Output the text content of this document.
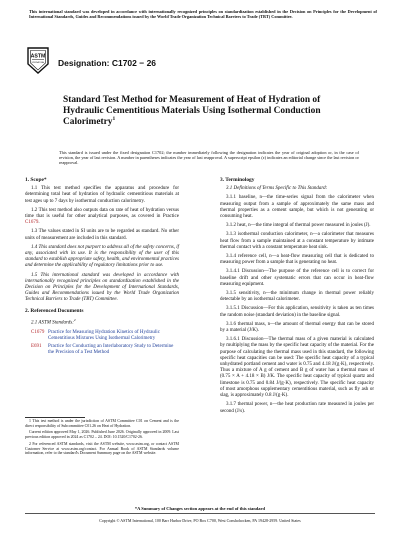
This international standard was developed in accordance with internationally recognized principles on standardization established in the Decision on Principles for the Development of International Standards, Guides and Recommendations issued by the World Trade Organization Technical Barriers to Trade (TBT) Committee.
ASTM
INTERNATIONAL Designation: C1702 − 26
Standard Test Method for Measurement of Heat of Hydration of Hydraulic Cementitious Materials Using Isothermal Conduction Calorimetry$^1$
This standard is issued under the fixed designation C1702; the number immediately following the designation indicates the year of original adoption or, in the case of revision, the year of last revision. A number in parentheses indicates the year of last reapproval. A superscript epsilon (ε) indicates an editorial change since the last revision or reapproval.
1. Scope*

1.1 This test method specifies the apparatus and procedure for determining total heat of hydration of hydraulic cementitious materials at test ages up to 7 days by isothermal conduction calorimetry.

1.2 This test method also outputs data on rate of heat of hydration versus time that is useful for other analytical purposes, as covered in Practice C1679.

1.3 The values stated in SI units are to be regarded as standard. No other units of measurement are included in this standard.

1.4 This standard does not purport to address all of the safety concerns, if any, associated with its use. It is the responsibility of the user of this standard to establish appropriate safety, health, and environmental practices and determine the applicability of regulatory limitations prior to use.

1.5 This international standard was developed in accordance with internationally recognized principles on standardization established in the Decision on Principles for the Development of International Standards, Guides and Recommendations issued by the World Trade Organization Technical Barriers to Trade (TBT) Committee.

2. Referenced Documents

2.1 ASTM Standards:$^2$

C1679 Practice for Measuring Hydration Kinetics of Hydraulic Cementitious Mixtures Using Isothermal Calorimetry
E691	Practice for Conducting an Interlaboratory Study to Determine the Precision of a Test Method

1 This test method is under the jurisdiction of ASTM Committee C01 on Cement and is the direct responsibility of Subcommittee C01.26 on Heat of Hydration.

Current edition approved May 1, 2026. Published June 2026. Originally approved in 2009. Last previous edition approved in 2024 as C1702 – 24. DOI: 10.1520/C1702-26.

2 For referenced ASTM standards, visit the ASTM website, www.astm.org, or contact ASTM Customer Service at www.astm.org/contact. For Annual Book of ASTM Standards volume information, refer to the standard's Document Summary page on the ASTM website.

3. Terminology

3.1 Definitions of Terms Specific to This Standard:

3.1.1 baseline, n—the time-series signal from the calorimeter when measuring output from a sample of approximately the same mass and thermal properties as a cement sample, but which is not generating or consuming heat.

3.1.2 heat, n—the time integral of thermal power measured in joules (J).

3.1.3 isothermal conduction calorimeter, n—a calorimeter that measures heat flow from a sample maintained at a constant temperature by intimate thermal contact with a constant temperature heat sink.

3.1.4 reference cell, n—a heat-flow measuring cell that is dedicated to measuring power from a sample that is generating no heat.

3.1.4.1 Discussion—The purpose of the reference cell is to correct for baseline drift and other systematic errors that can occur in heat-flow measuring equipment.

3.1.5 sensitivity, n—the minimum change in thermal power reliably detectable by an isothermal calorimeter.

3.1.5.1 Discussion—For this application, sensitivity is taken as ten times the random noise (standard deviation) in the baseline signal.

3.1.6 thermal mass, n—the amount of thermal energy that can be stored by a material (J/K).

3.1.6.1 Discussion—The thermal mass of a given material is calculated by multiplying the mass by the specific heat capacity of the material. For the purpose of calculating the thermal mass used in this standard, the following specific heat capacities can be used: The specific heat capacity of a typical unhydrated portland cement and water is 0.75 and 4.18 J/(g·K), respectively. Thus a mixture of A g of cement and B g of water has a thermal mass of (0.75 × A + 4.18 × B) J/K. The specific heat capacity of typical quartz and limestone is 0.75 and 0.84 J/(g·K), respectively. The specific heat capacity of most amorphous supplementary cementitious material, such as fly ash or slag, is approximately 0.8 J/(g·K).

3.1.7 thermal power, n—the heat production rate measured in joules per second (J/s).

*A Summary of Changes section appears at the end of this standard
Copyright © ASTM International, 100 Barr Harbor Drive, PO Box C700, West Conshohocken, PA 19428-2959. United States
